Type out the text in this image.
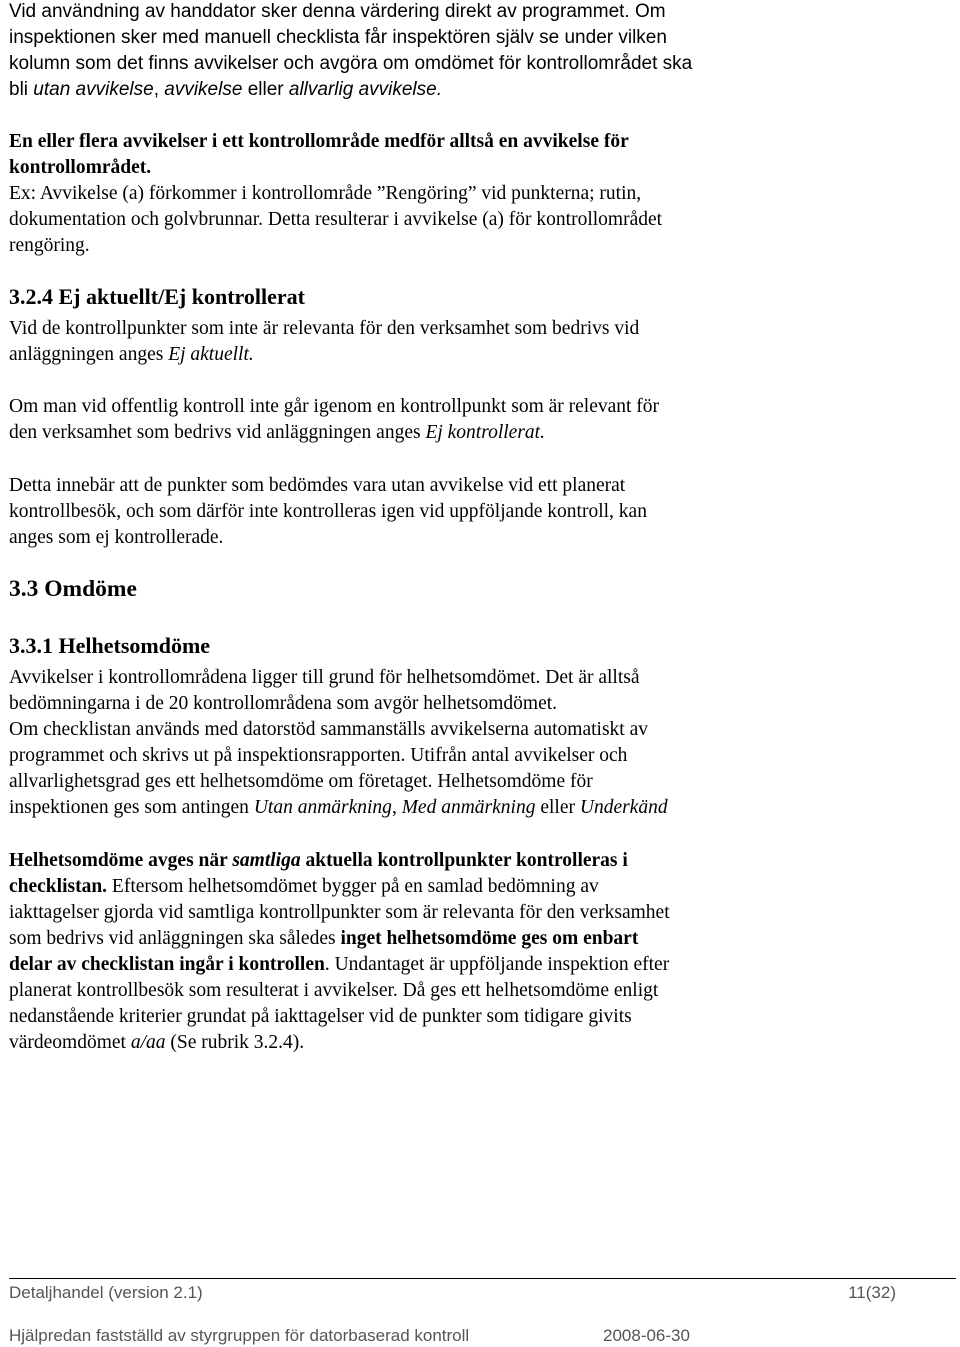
Vid användning av handdator sker denna värdering direkt av programmet. Om
inspektionen sker med manuell checklista får inspektören själv se under vilken
kolumn som det finns avvikelser och avgöra om omdömet för kontrollområdet ska
bli utan avvikelse, avvikelse eller allvarlig avvikelse.
En eller flera avvikelser i ett kontrollområde medför alltså en avvikelse för
kontrollområdet.
Ex: Avvikelse (a) förkommer i kontrollområde ”Rengöring” vid punkterna; rutin,
dokumentation och golvbrunnar. Detta resulterar i avvikelse (a) för kontrollområdet
rengöring.
3.2.4 Ej aktuellt/Ej kontrollerat
Vid de kontrollpunkter som inte är relevanta för den verksamhet som bedrivs vid
anläggningen anges Ej aktuellt.
Om man vid offentlig kontroll inte går igenom en kontrollpunkt som är relevant för
den verksamhet som bedrivs vid anläggningen anges Ej kontrollerat.
Detta innebär att de punkter som bedömdes vara utan avvikelse vid ett planerat
kontrollbesök, och som därför inte kontrolleras igen vid uppföljande kontroll, kan
anges som ej kontrollerade.
3.3 Omdöme
3.3.1 Helhetsomdöme
Avvikelser i kontrollområdena ligger till grund för helhetsomdömet. Det är alltså
bedömningarna i de 20 kontrollområdena som avgör helhetsomdömet.
Om checklistan används med datorstöd sammanställs avvikelserna automatiskt av
programmet och skrivs ut på inspektionsrapporten. Utifrån antal avvikelser och
allvarlighetsgrad ges ett helhetsomdöme om företaget. Helhetsomdöme för
inspektionen ges som antingen Utan anmärkning, Med anmärkning eller Underkänd
Helhetsomdöme avges när samtliga aktuella kontrollpunkter kontrolleras i
checklistan. Eftersom helhetsomdömet bygger på en samlad bedömning av
iakttagelser gjorda vid samtliga kontrollpunkter som är relevanta för den verksamhet
som bedrivs vid anläggningen ska således inget helhetsomdöme ges om enbart
delar av checklistan ingår i kontrollen. Undantaget är uppföljande inspektion efter
planerat kontrollbesök som resulterat i avvikelser. Då ges ett helhetsomdöme enligt
nedanstående kriterier grundat på iakttagelser vid de punkter som tidigare givits
värdeomdömet a/aa (Se rubrik 3.2.4).
Detaljhandel (version 2.1)	11(32)
Hjälpredan fastställd av styrgruppen för datorbaserad kontroll	2008-06-30
